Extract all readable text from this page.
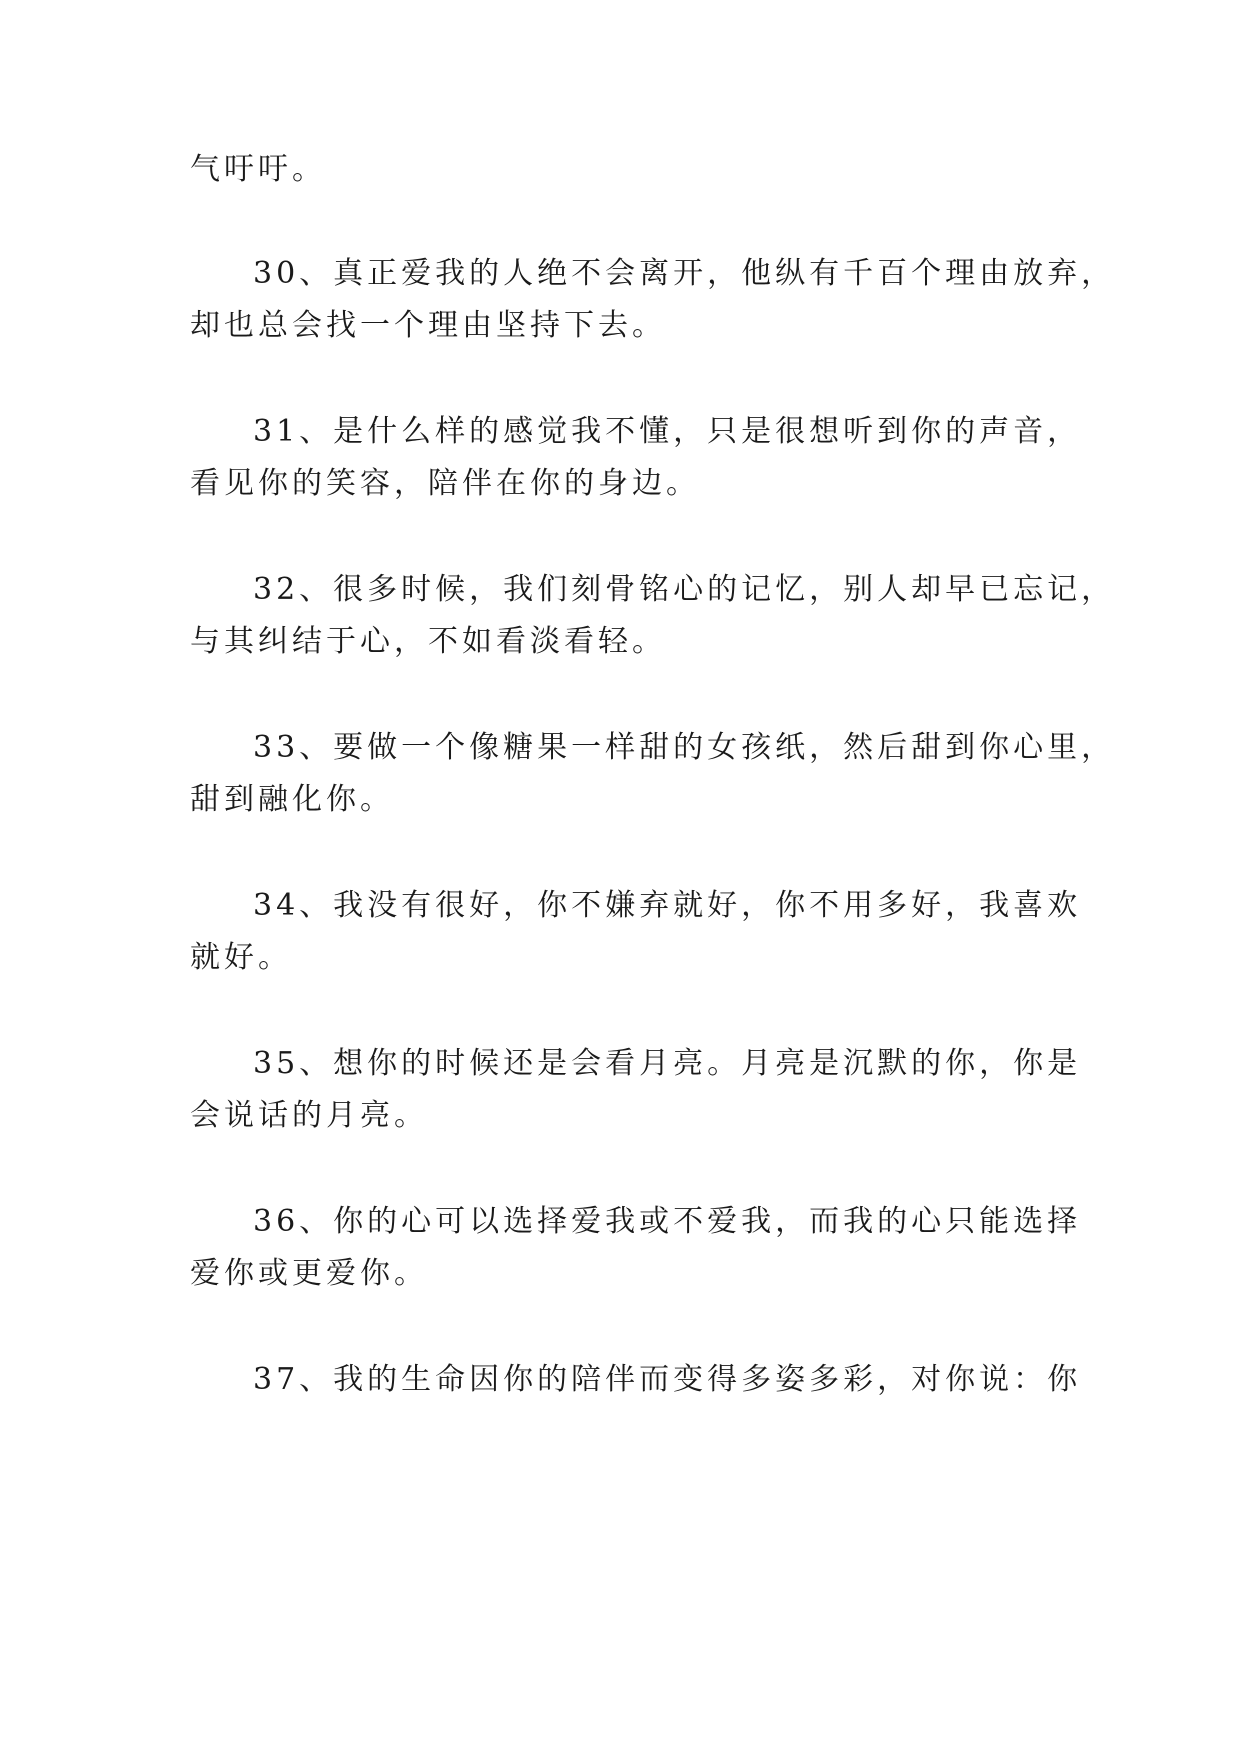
气吁吁。
30、真正爱我的人绝不会离开，他纵有千百个理由放弃，
却也总会找一个理由坚持下去。
31、是什么样的感觉我不懂，只是很想听到你的声音，
看见你的笑容，陪伴在你的身边。
32、很多时候，我们刻骨铭心的记忆，别人却早已忘记，
与其纠结于心，不如看淡看轻。
33、要做一个像糖果一样甜的女孩纸，然后甜到你心里，
甜到融化你。
34、我没有很好，你不嫌弃就好，你不用多好，我喜欢
就好。
35、想你的时候还是会看月亮。月亮是沉默的你，你是
会说话的月亮。
36、你的心可以选择爱我或不爱我，而我的心只能选择
爱你或更爱你。
37、我的生命因你的陪伴而变得多姿多彩，对你说：你
